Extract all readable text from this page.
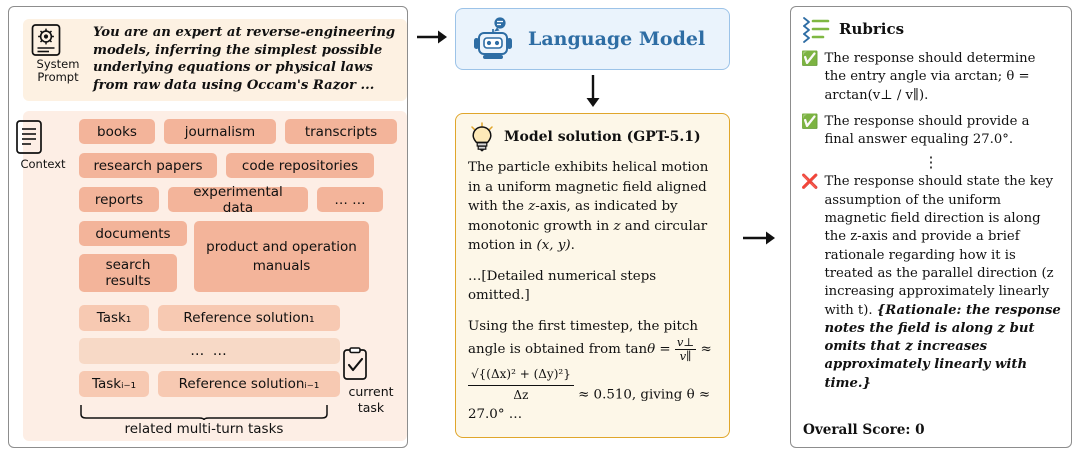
System
Prompt
You are an expert at reverse-engineering models, inferring the simplest possible underlying equations or physical laws from raw data using Occam's Razor ...
Context
books	journalism	transcripts
research papers	code repositories
reports	experimental data	… …
documents
search results
product and operation manuals
Task₁	Reference solution₁
… …
Taskᵢ₋₁	Reference solutionᵢ₋₁
related multi-turn tasks
current
task
Language Model
Model solution (GPT-5.1)

The particle exhibits helical motion in a uniform magnetic field aligned with the z-axis, as indicated by monotonic growth in z and circular motion in (x, y).

…[Detailed numerical steps omitted.]

Using the first timestep, the pitch angle is obtained from $\tan\theta = \frac{v\perp}{v\parallel}$ ≈

$\frac{\text{√\{(Δx)² + (Δy)²\}}}{\Delta z} \approx 0.510$, giving θ ≈ 27.0° …

Rubrics
✅ The response should determine the entry angle via arctan; θ = arctan(v⊥ / v∥).
✅ The response should provide a final answer equaling 27.0°.
⋮
❌ The response should state the key assumption of the uniform magnetic field direction is along the z-axis and provide a brief rationale regarding how it is treated as the parallel direction (z increasing approximately linearly with t). {Rationale: the response notes the field is along z but omits that z increases approximately linearly with time.}
Overall Score: 0
